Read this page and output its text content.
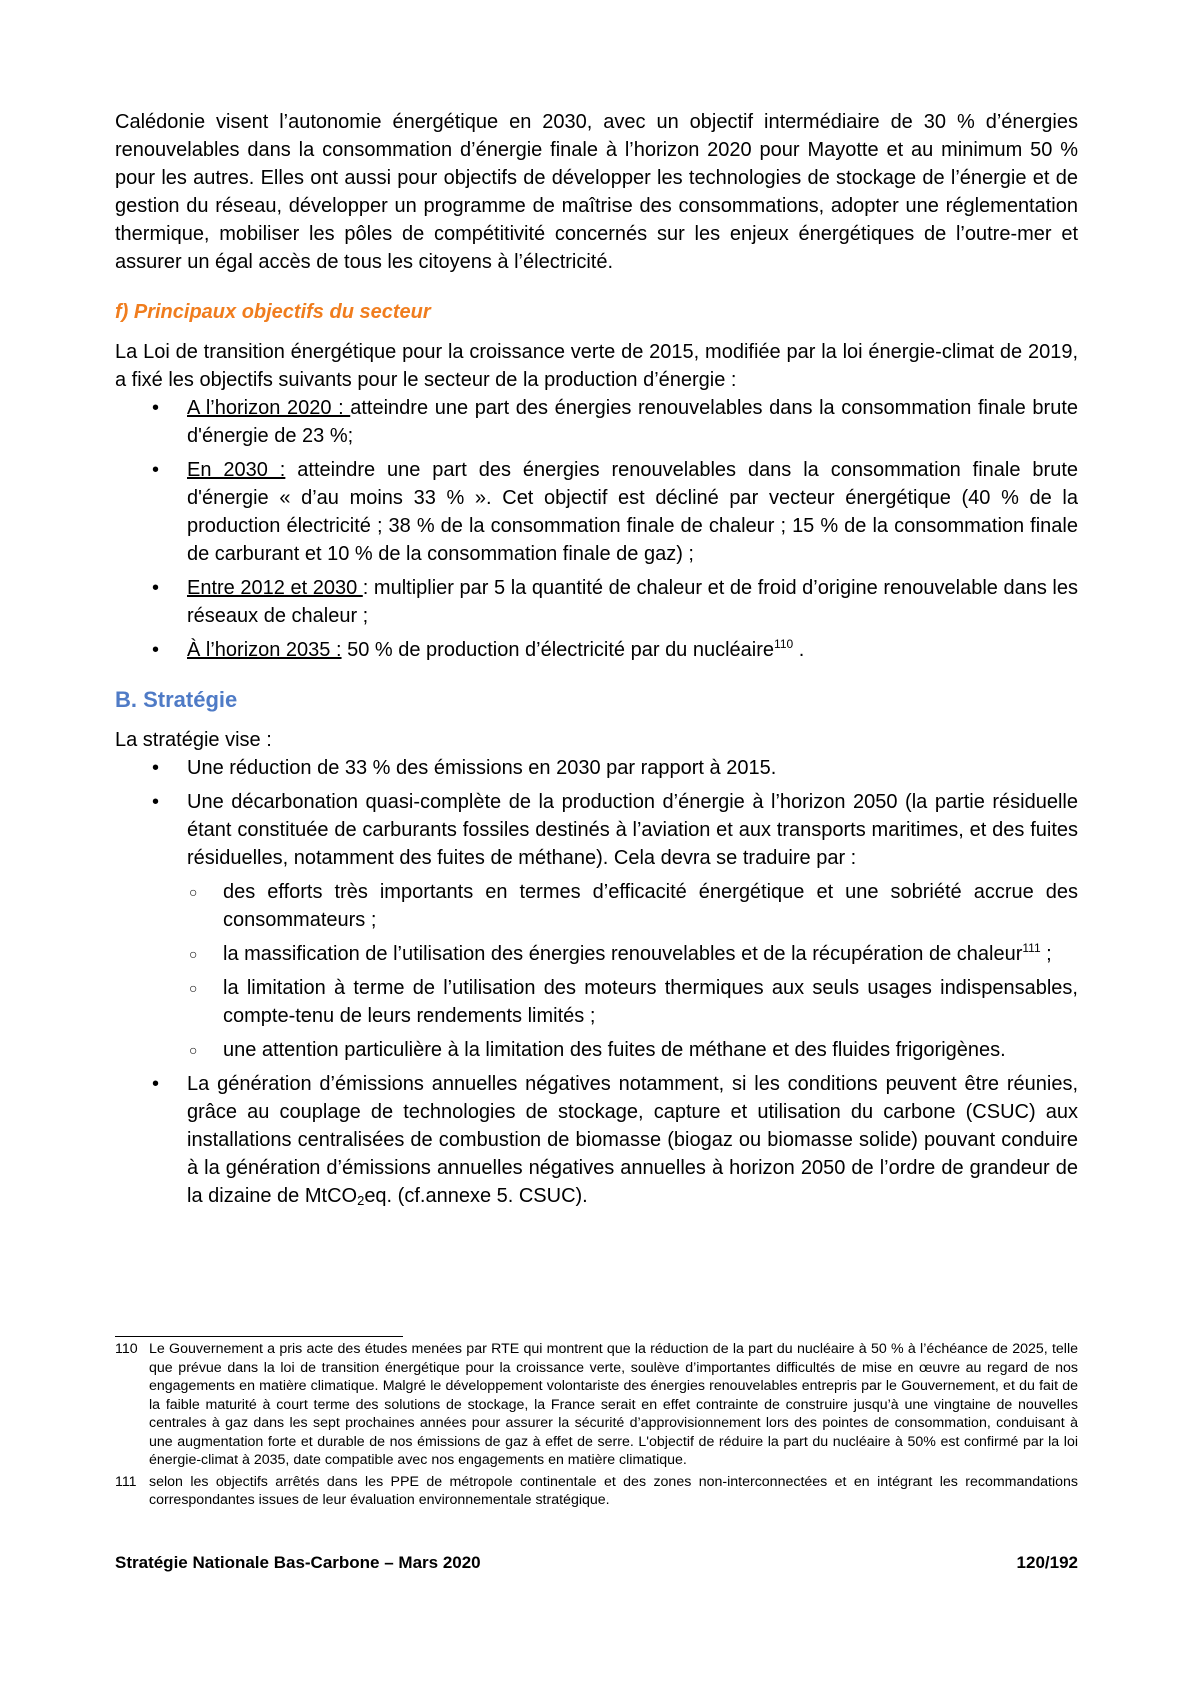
Calédonie visent l’autonomie énergétique en 2030, avec un objectif intermédiaire de 30 % d’énergies renouvelables dans la consommation d’énergie finale à l’horizon 2020 pour Mayotte et au minimum 50 % pour les autres. Elles ont aussi pour objectifs de développer les technologies de stockage de l’énergie et de gestion du réseau, développer un programme de maîtrise des consommations, adopter une réglementation thermique, mobiliser les pôles de compétitivité concernés sur les enjeux énergétiques de l’outre-mer et assurer un égal accès de tous les citoyens à l’électricité.

f) Principaux objectifs du secteur

La Loi de transition énergétique pour la croissance verte de 2015, modifiée par la loi énergie-climat de 2019, a fixé les objectifs suivants pour le secteur de la production d’énergie :

• A l’horizon 2020 : atteindre une part des énergies renouvelables dans la consommation finale brute d'énergie de 23 %;
• En 2030 : atteindre une part des énergies renouvelables dans la consommation finale brute d'énergie « d’au moins 33 % ». Cet objectif est décliné par vecteur énergétique (40 % de la production électricité ; 38 % de la consommation finale de chaleur ; 15 % de la consommation finale de carburant et 10 % de la consommation finale de gaz) ;
• Entre 2012 et 2030 : multiplier par 5 la quantité de chaleur et de froid d’origine renouvelable dans les réseaux de chaleur ;
• À l’horizon 2035 : 50 % de production d’électricité par du nucléaire$^{110}$ .
B. Stratégie

La stratégie vise :

• Une réduction de 33 % des émissions en 2030 par rapport à 2015.
• Une décarbonation quasi-complète de la production d’énergie à l’horizon 2050 (la partie résiduelle étant constituée de carburants fossiles destinés à l’aviation et aux transports maritimes, et des fuites résiduelles, notamment des fuites de méthane). Cela devra se traduire par :
○ des efforts très importants en termes d’efficacité énergétique et une sobriété accrue des consommateurs ;
○ la massification de l’utilisation des énergies renouvelables et de la récupération de chaleur$^{111}$ ;
○ la limitation à terme de l’utilisation des moteurs thermiques aux seuls usages indispensables, compte-tenu de leurs rendements limités ;
○ une attention particulière à la limitation des fuites de méthane et des fluides frigorigènes.
• La génération d’émissions annuelles négatives notamment, si les conditions peuvent être réunies, grâce au couplage de technologies de stockage, capture et utilisation du carbone (CSUC) aux installations centralisées de combustion de biomasse (biogaz ou biomasse solide) pouvant conduire à la génération d’émissions annuelles négatives annuelles à horizon 2050 de l’ordre de grandeur de la dizaine de MtCO$_2$eq. (cf.annexe 5. CSUC).
110 Le Gouvernement a pris acte des études menées par RTE qui montrent que la réduction de la part du nucléaire à 50 % à l’échéance de 2025, telle que prévue dans la loi de transition énergétique pour la croissance verte, soulève d’importantes difficultés de mise en œuvre au regard de nos engagements en matière climatique. Malgré le développement volontariste des énergies renouvelables entrepris par le Gouvernement, et du fait de la faible maturité à court terme des solutions de stockage, la France serait en effet contrainte de construire jusqu’à une vingtaine de nouvelles centrales à gaz dans les sept prochaines années pour assurer la sécurité d’approvisionnement lors des pointes de consommation, conduisant à une augmentation forte et durable de nos émissions de gaz à effet de serre. L'objectif de réduire la part du nucléaire à 50% est confirmé par la loi énergie-climat à 2035, date compatible avec nos engagements en matière climatique.
111 selon les objectifs arrêtés dans les PPE de métropole continentale et des zones non-interconnectées et en intégrant les recommandations correspondantes issues de leur évaluation environnementale stratégique.
Stratégie Nationale Bas-Carbone – Mars 2020	120/192
